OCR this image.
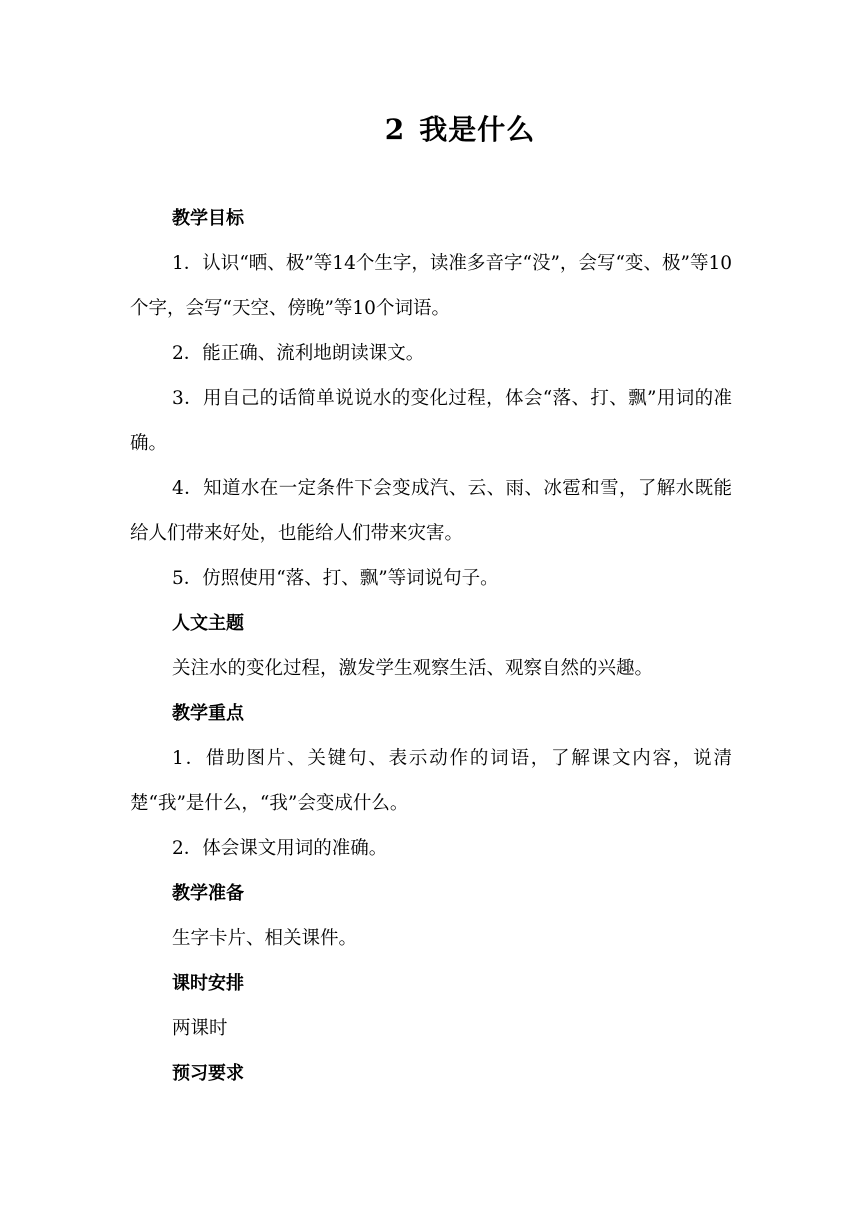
2 我是什么

教学目标

1．认识“晒、极”等14个生字，读准多音字“没”，会写“变、极”等10个字，会写“天空、傍晚”等10个词语。

2．能正确、流利地朗读课文。

3．用自己的话简单说说水的变化过程，体会“落、打、飘”用词的准确。

4．知道水在一定条件下会变成汽、云、雨、冰雹和雪，了解水既能给人们带来好处，也能给人们带来灾害。

5．仿照使用“落、打、飘”等词说句子。

人文主题

关注水的变化过程，激发学生观察生活、观察自然的兴趣。

教学重点

1．借助图片、关键句、表示动作的词语，了解课文内容，说清楚“我”是什么，“我”会变成什么。

2．体会课文用词的准确。

教学准备

生字卡片、相关课件。

课时安排

两课时

预习要求
